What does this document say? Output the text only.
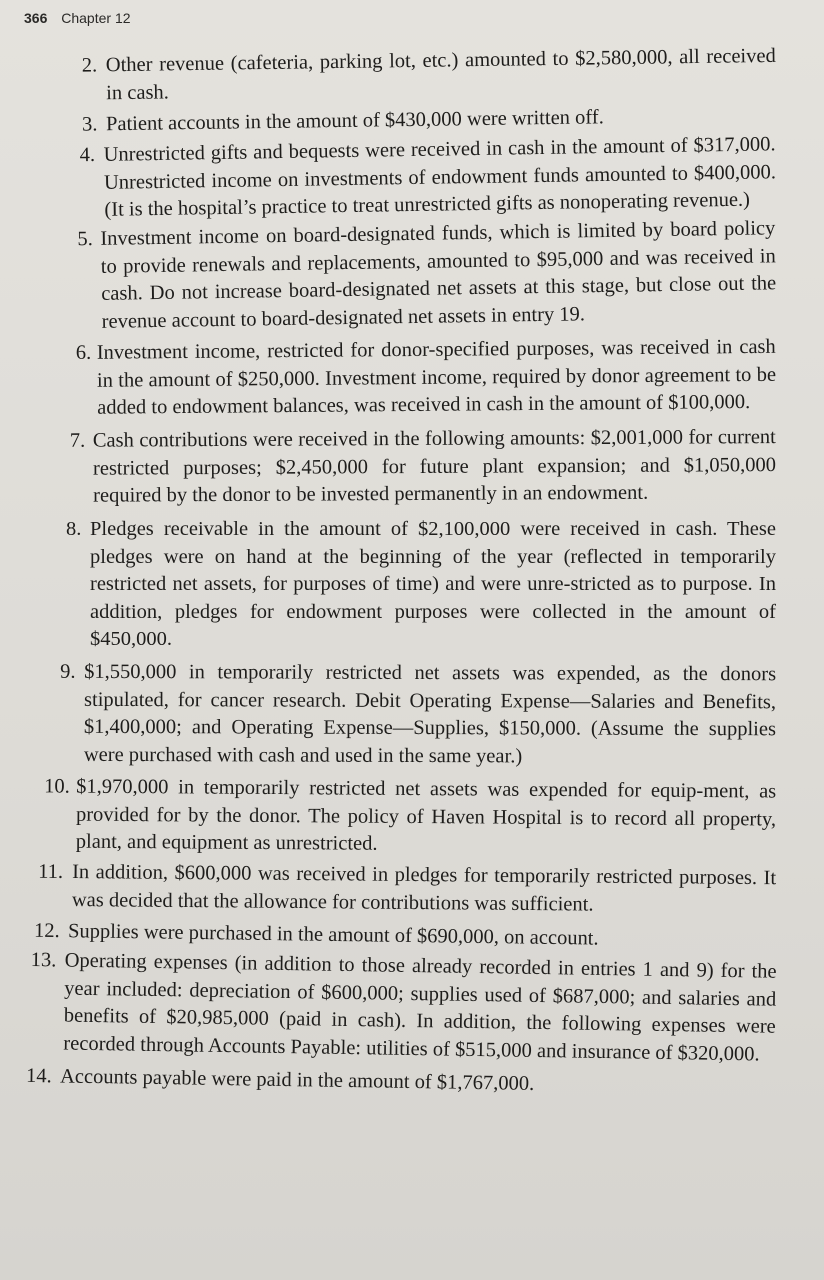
366 Chapter 12
2. Other revenue (cafeteria, parking lot, etc.) amounted to $2,580,000, all received in cash.
3. Patient accounts in the amount of $430,000 were written off.
4. Unrestricted gifts and bequests were received in cash in the amount of $317,000. Unrestricted income on investments of endowment funds amounted to $400,000. (It is the hospital’s practice to treat unrestricted gifts as nonoperating revenue.)
5. Investment income on board-designated funds, which is limited by board policy to provide renewals and replacements, amounted to $95,000 and was received in cash. Do not increase board-designated net assets at this stage, but close out the revenue account to board-designated net assets in entry 19.
6. Investment income, restricted for donor-specified purposes, was received in cash in the amount of $250,000. Investment income, required by donor agreement to be added to endowment balances, was received in cash in the amount of $100,000.
7. Cash contributions were received in the following amounts: $2,001,000 for current restricted purposes; $2,450,000 for future plant expansion; and $1,050,000 required by the donor to be invested permanently in an endowment.
8. Pledges receivable in the amount of $2,100,000 were received in cash. These pledges were on hand at the beginning of the year (reflected in temporarily restricted net assets, for purposes of time) and were unre-stricted as to purpose. In addition, pledges for endowment purposes were collected in the amount of $450,000.
9. $1,550,000 in temporarily restricted net assets was expended, as the donors stipulated, for cancer research. Debit Operating Expense—Salaries and Benefits, $1,400,000; and Operating Expense—Supplies, $150,000. (Assume the supplies were purchased with cash and used in the same year.)
10. $1,970,000 in temporarily restricted net assets was expended for equip-ment, as provided for by the donor. The policy of Haven Hospital is to record all property, plant, and equipment as unrestricted.
11. In addition, $600,000 was received in pledges for temporarily restricted purposes. It was decided that the allowance for contributions was sufficient.
12. Supplies were purchased in the amount of $690,000, on account.
13. Operating expenses (in addition to those already recorded in entries 1 and 9) for the year included: depreciation of $600,000; supplies used of $687,000; and salaries and benefits of $20,985,000 (paid in cash). In addition, the following expenses were recorded through Accounts Payable: utilities of $515,000 and insurance of $320,000.
14. Accounts payable were paid in the amount of $1,767,000.
